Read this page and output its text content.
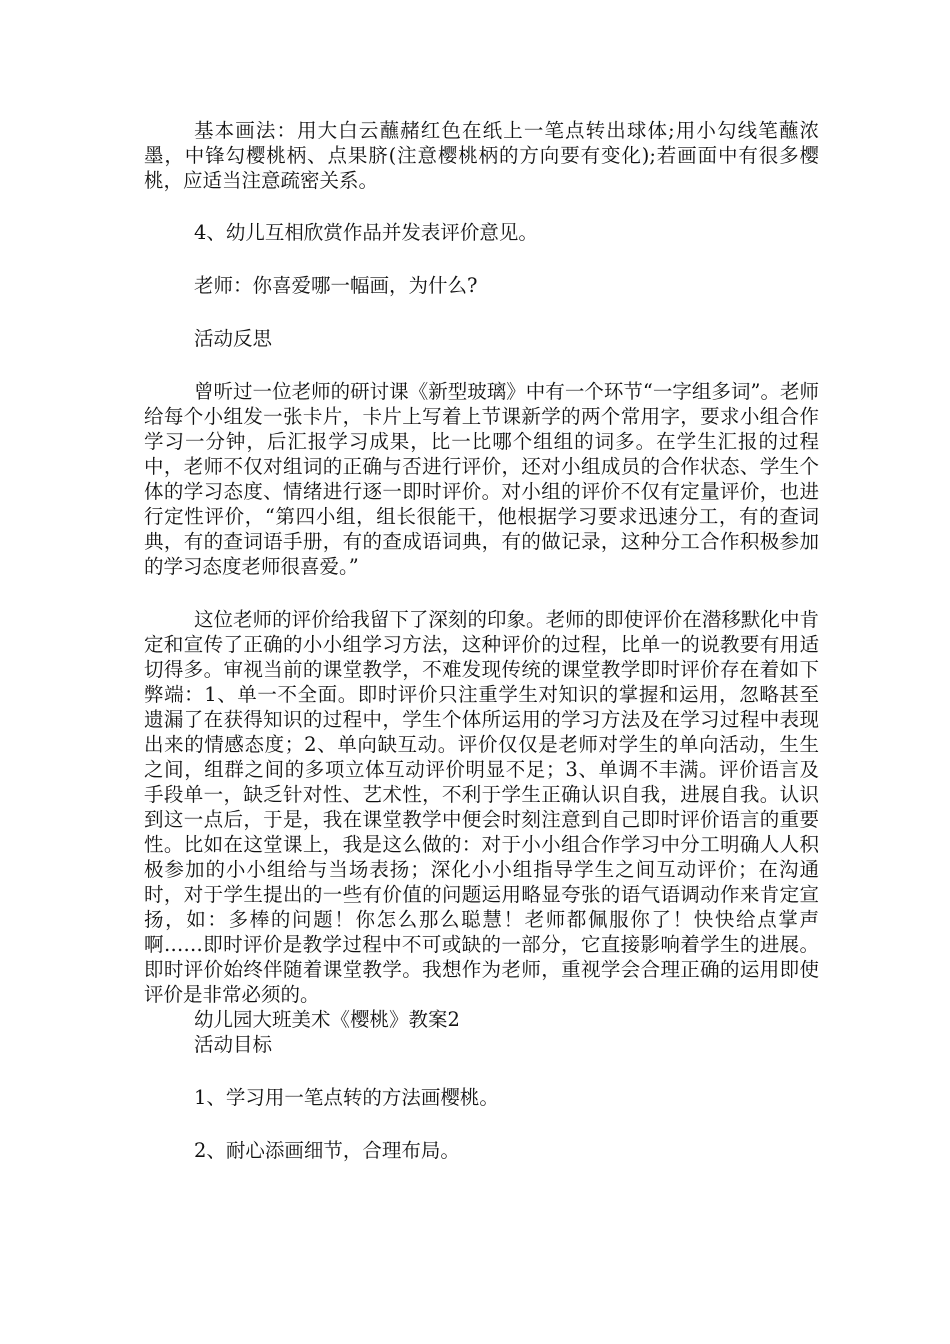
基本画法：用大白云蘸赭红色在纸上一笔点转出球体;用小勾线笔蘸浓墨，中锋勾樱桃柄、点果脐(注意樱桃柄的方向要有变化);若画面中有很多樱桃，应适当注意疏密关系。

4、幼儿互相欣赏作品并发表评价意见。

老师：你喜爱哪一幅画，为什么?

活动反思

曾听过一位老师的研讨课《新型玻璃》中有一个环节“一字组多词”。老师给每个小组发一张卡片，卡片上写着上节课新学的两个常用字，要求小组合作学习一分钟，后汇报学习成果，比一比哪个组组的词多。在学生汇报的过程中，老师不仅对组词的正确与否进行评价，还对小组成员的合作状态、学生个体的学习态度、情绪进行逐一即时评价。对小组的评价不仅有定量评价，也进行定性评价，“第四小组，组长很能干，他根据学习要求迅速分工，有的查词典，有的查词语手册，有的查成语词典，有的做记录，这种分工合作积极参加的学习态度老师很喜爱。”

这位老师的评价给我留下了深刻的印象。老师的即使评价在潜移默化中肯定和宣传了正确的小小组学习方法，这种评价的过程，比单一的说教要有用适切得多。审视当前的课堂教学，不难发现传统的课堂教学即时评价存在着如下弊端：1、单一不全面。即时评价只注重学生对知识的掌握和运用，忽略甚至遗漏了在获得知识的过程中，学生个体所运用的学习方法及在学习过程中表现出来的情感态度；2、单向缺互动。评价仅仅是老师对学生的单向活动，生生之间，组群之间的多项立体互动评价明显不足；3、单调不丰满。评价语言及手段单一，缺乏针对性、艺术性，不利于学生正确认识自我，进展自我。认识到这一点后，于是，我在课堂教学中便会时刻注意到自己即时评价语言的重要性。比如在这堂课上，我是这么做的：对于小小组合作学习中分工明确人人积极参加的小小组给与当场表扬；深化小小组指导学生之间互动评价；在沟通时，对于学生提出的一些有价值的问题运用略显夸张的语气语调动作来肯定宣扬，如：多棒的问题！你怎么那么聪慧！老师都佩服你了！快快给点掌声啊……即时评价是教学过程中不可或缺的一部分，它直接影响着学生的进展。即时评价始终伴随着课堂教学。我想作为老师，重视学会合理正确的运用即使评价是非常必须的。

幼儿园大班美术《樱桃》教案2

活动目标

1、学习用一笔点转的方法画樱桃。

2、耐心添画细节，合理布局。
